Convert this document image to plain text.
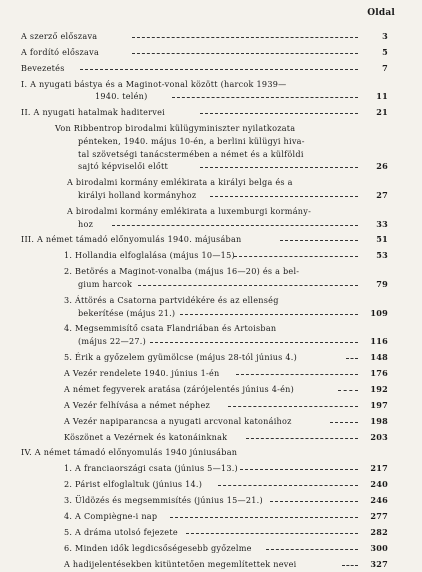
Oldal
A szerző előszava	3
A fordító előszava	5
Bevezetés	7
I. A nyugati bástya és a Maginot-vonal között (harcok 1939—
1940. telén)	11
II. A nyugati hatalmak haditervei	21
Von Ribbentrop birodalmi külügyminiszter nyilatkozata
pénteken, 1940. május 10-én, a berlini külügyi hiva-
tal szövetségi tanácstermében a német és a külföldi
sajtó képviselői előtt	26
A birodalmi kormány emlékirata a királyi belga és a
királyi holland kormányhoz	27
A birodalmi kormány emlékirata a luxemburgi kormány-
hoz	33
III. A német támadó előnyomulás 1940. májusában	51
1. Hollandia elfoglalása (május 10—15)	53
2. Betörés a Maginot-vonalba (május 16—20) és a bel-
gium harcok	79
3. Áttörés a Csatorna partvidékére és az ellenség
bekerítése (május 21.)	109
4. Megsemmisítő csata Flandriában és Artoisban
(május 22—27.)	116
5. Érik a győzelem gyümölcse (május 28-tól június 4.)	148
A Vezér rendelete 1940. június 1-én	176
A német fegyverek aratása (zárójelentés június 4-én)	192
A Vezér felhívása a német néphez	197
A Vezér napiparancsa a nyugati arcvonal katonáihoz	198
Köszönet a Vezérnek és katonáinknak	203
IV. A német támadó előnyomulás 1940 júniusában
1. A franciaországi csata (június 5—13.)	217
2. Párist elfoglaltuk (június 14.)	240
3. Üldözés és megsemmisítés (június 15—21.)	246
4. A Compiègne-i nap	277
5. A dráma utolsó fejezete	282
6. Minden idők legdicsőségesebb győzelme	300
A hadijelentésekben kitüntetően megemlítettek nevei	327
